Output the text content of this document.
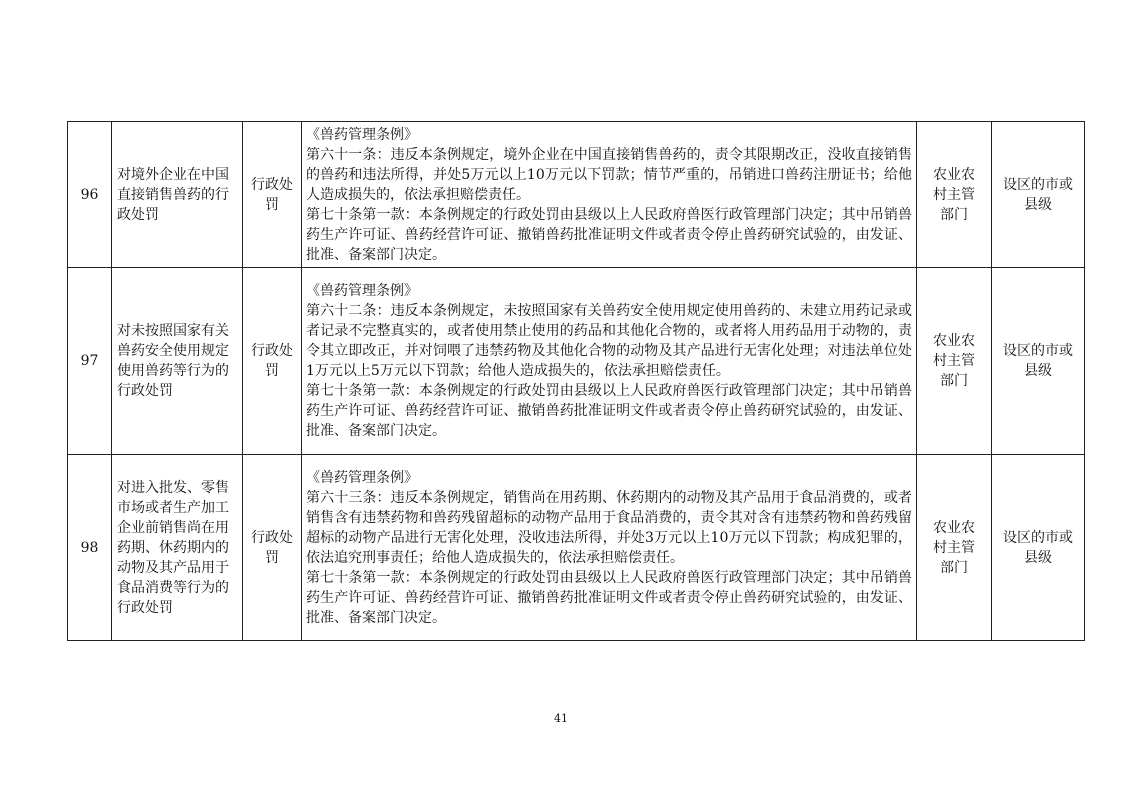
96	对境外企业在中国直接销售兽药的行政处罚	行政处罚	《兽药管理条例》

第六十一条：违反本条例规定，境外企业在中国直接销售兽药的，责令其限期改正，没收直接销售的兽药和违法所得，并处5万元以上10万元以下罚款；情节严重的，吊销进口兽药注册证书；给他人造成损失的，依法承担赔偿责任。

第七十条第一款：本条例规定的行政处罚由县级以上人民政府兽医行政管理部门决定；其中吊销兽药生产许可证、兽药经营许可证、撤销兽药批准证明文件或者责令停止兽药研究试验的，由发证、批准、备案部门决定。	农业农村主管部门	设区的市或县级
97	对未按照国家有关兽药安全使用规定使用兽药等行为的行政处罚	行政处罚	《兽药管理条例》

第六十二条：违反本条例规定，未按照国家有关兽药安全使用规定使用兽药的、未建立用药记录或者记录不完整真实的，或者使用禁止使用的药品和其他化合物的，或者将人用药品用于动物的，责令其立即改正，并对饲喂了违禁药物及其他化合物的动物及其产品进行无害化处理；对违法单位处1万元以上5万元以下罚款；给他人造成损失的，依法承担赔偿责任。

第七十条第一款：本条例规定的行政处罚由县级以上人民政府兽医行政管理部门决定；其中吊销兽药生产许可证、兽药经营许可证、撤销兽药批准证明文件或者责令停止兽药研究试验的，由发证、批准、备案部门决定。	农业农村主管部门	设区的市或县级
98	对进入批发、零售市场或者生产加工企业前销售尚在用药期、休药期内的动物及其产品用于食品消费等行为的行政处罚	行政处罚	《兽药管理条例》

第六十三条：违反本条例规定，销售尚在用药期、休药期内的动物及其产品用于食品消费的，或者销售含有违禁药物和兽药残留超标的动物产品用于食品消费的，责令其对含有违禁药物和兽药残留超标的动物产品进行无害化处理，没收违法所得，并处3万元以上10万元以下罚款；构成犯罪的，依法追究刑事责任；给他人造成损失的，依法承担赔偿责任。

第七十条第一款：本条例规定的行政处罚由县级以上人民政府兽医行政管理部门决定；其中吊销兽药生产许可证、兽药经营许可证、撤销兽药批准证明文件或者责令停止兽药研究试验的，由发证、批准、备案部门决定。	农业农村主管部门	设区的市或县级
41
